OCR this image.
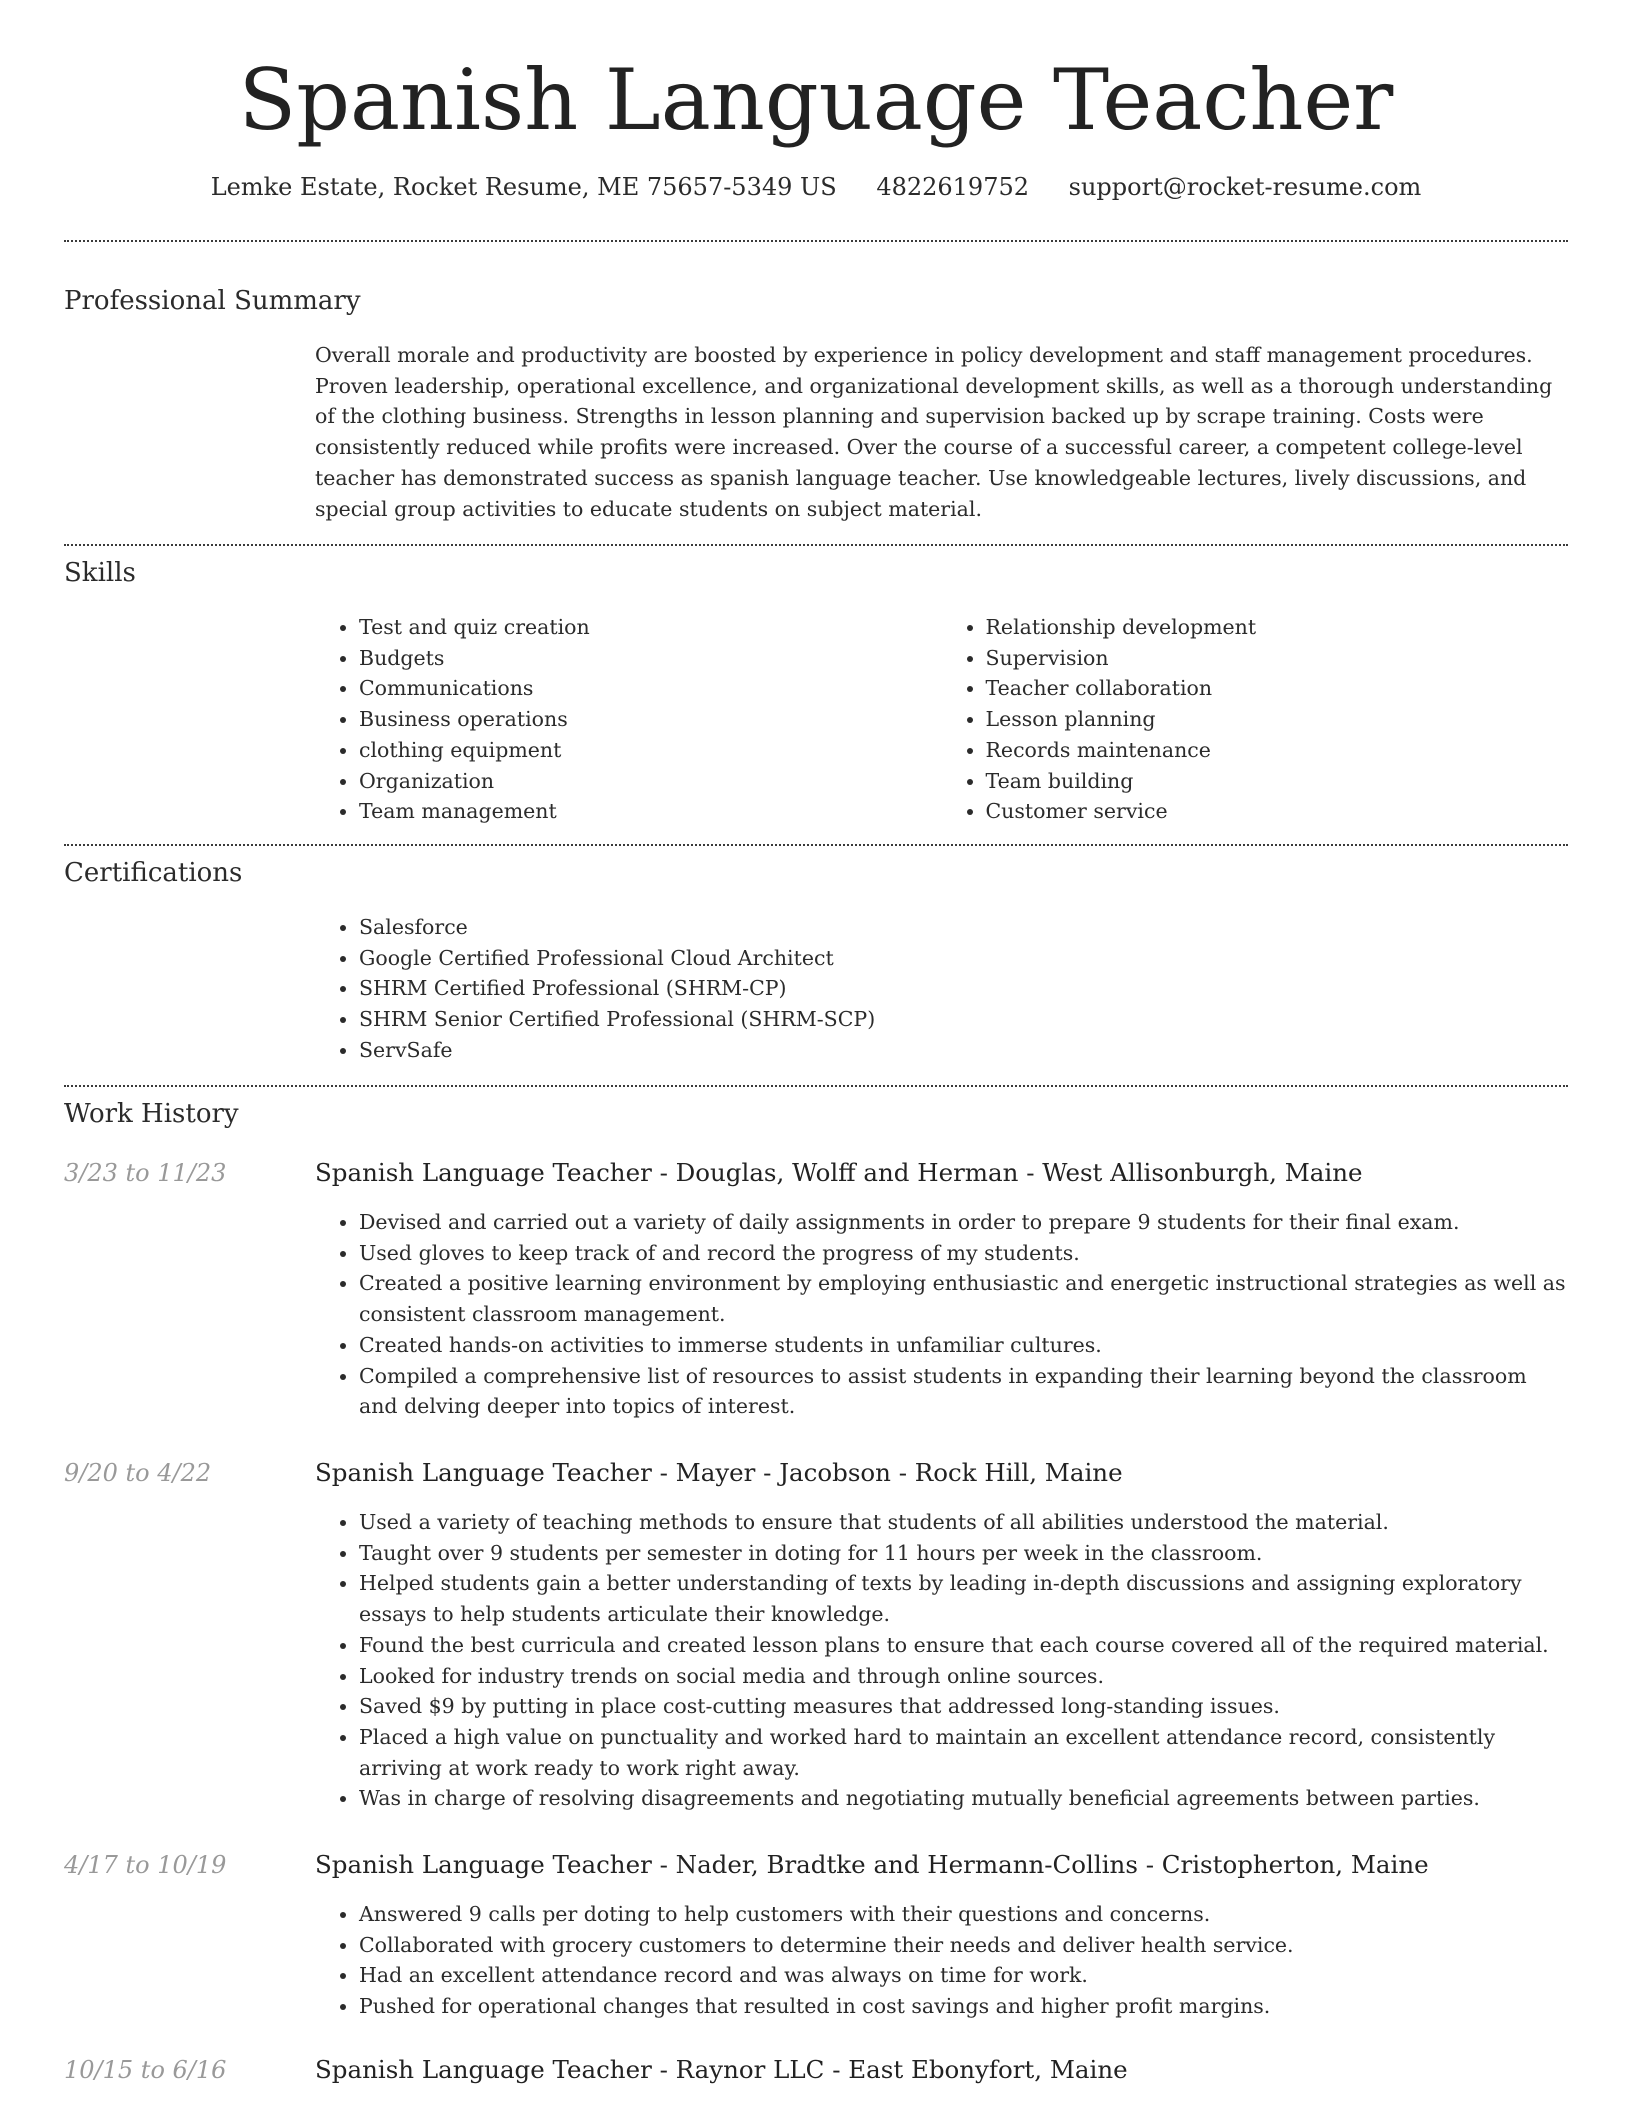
Spanish Language Teacher
Lemke Estate, Rocket Resume, ME 75657-5349 US 4822619752 support@rocket-resume.com
Professional Summary

Overall morale and productivity are boosted by experience in policy development and staff management procedures. Proven leadership, operational excellence, and organizational development skills, as well as a thorough understanding of the clothing business. Strengths in lesson planning and supervision backed up by scrape training. Costs were consistently reduced while profits were increased. Over the course of a successful career, a competent college-level teacher has demonstrated success as spanish language teacher. Use knowledgeable lectures, lively discussions, and special group activities to educate students on subject material.

Skills
• Test and quiz creation
• Budgets
• Communications
• Business operations
• clothing equipment
• Organization
• Team management
• Relationship development
• Supervision
• Teacher collaboration
• Lesson planning
• Records maintenance
• Team building
• Customer service
Certifications
• Salesforce
• Google Certified Professional Cloud Architect
• SHRM Certified Professional (SHRM-CP)
• SHRM Senior Certified Professional (SHRM-SCP)
• ServSafe
Work History
3/23 to 11/23	Spanish Language Teacher - Douglas, Wolff and Herman - West Allisonburgh, Maine
• Devised and carried out a variety of daily assignments in order to prepare 9 students for their final exam.
• Used gloves to keep track of and record the progress of my students.
• Created a positive learning environment by employing enthusiastic and energetic instructional strategies as well as consistent classroom management.
• Created hands-on activities to immerse students in unfamiliar cultures.
• Compiled a comprehensive list of resources to assist students in expanding their learning beyond the classroom and delving deeper into topics of interest.
9/20 to 4/22	Spanish Language Teacher - Mayer - Jacobson - Rock Hill, Maine
• Used a variety of teaching methods to ensure that students of all abilities understood the material.
• Taught over 9 students per semester in doting for 11 hours per week in the classroom.
• Helped students gain a better understanding of texts by leading in-depth discussions and assigning exploratory essays to help students articulate their knowledge.
• Found the best curricula and created lesson plans to ensure that each course covered all of the required material.
• Looked for industry trends on social media and through online sources.
• Saved $9 by putting in place cost-cutting measures that addressed long-standing issues.
• Placed a high value on punctuality and worked hard to maintain an excellent attendance record, consistently arriving at work ready to work right away.
• Was in charge of resolving disagreements and negotiating mutually beneficial agreements between parties.
4/17 to 10/19	Spanish Language Teacher - Nader, Bradtke and Hermann-Collins - Cristopherton, Maine
• Answered 9 calls per doting to help customers with their questions and concerns.
• Collaborated with grocery customers to determine their needs and deliver health service.
• Had an excellent attendance record and was always on time for work.
• Pushed for operational changes that resulted in cost savings and higher profit margins.
10/15 to 6/16	Spanish Language Teacher - Raynor LLC - East Ebonyfort, Maine
